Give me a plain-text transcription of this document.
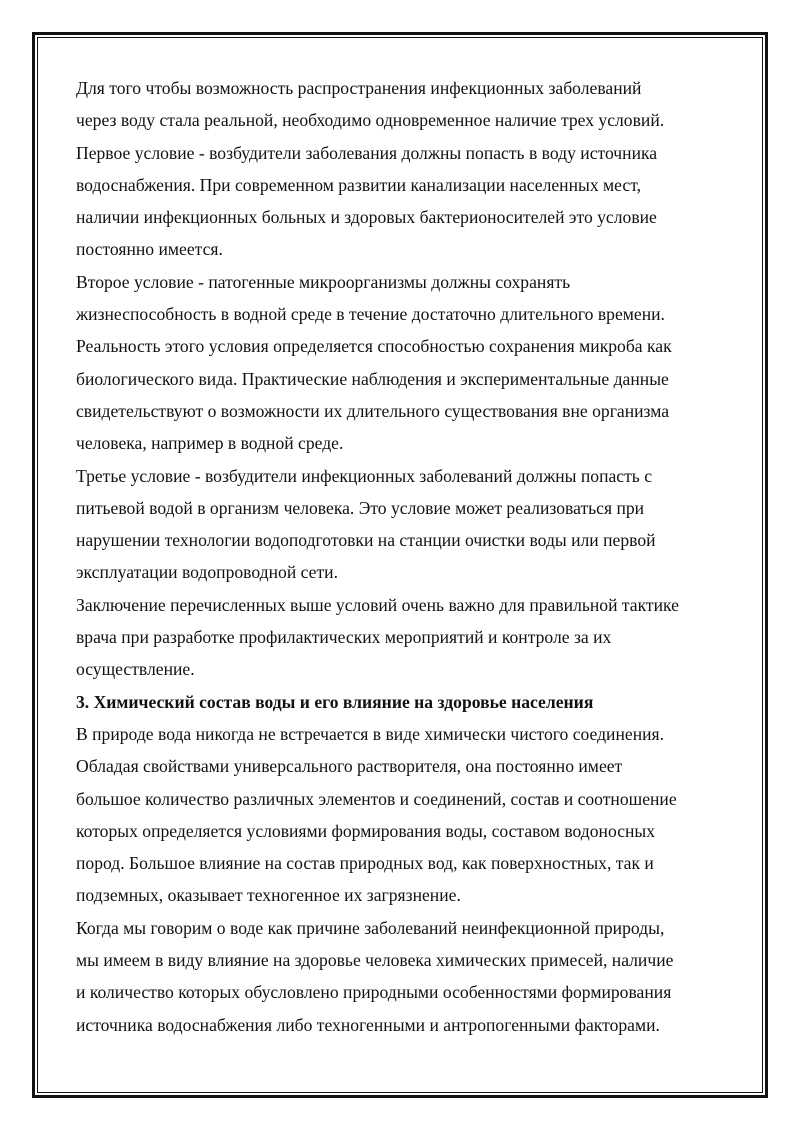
Для того чтобы возможность распространения инфекционных заболеваний

через воду стала реальной, необходимо одновременное наличие трех условий.

Первое условие - возбудители заболевания должны попасть в воду источника

водоснабжения. При современном развитии канализации населенных мест,

наличии инфекционных больных и здоровых бактерионосителей это условие

постоянно имеется.

Второе условие - патогенные микроорганизмы должны сохранять

жизнеспособность в водной среде в течение достаточно длительного времени.

Реальность этого условия определяется способностью сохранения микроба как

биологического вида. Практические наблюдения и экспериментальные данные

свидетельствуют о возможности их длительного существования вне организма

человека, например в водной среде.

Третье условие - возбудители инфекционных заболеваний должны попасть с

питьевой водой в организм человека. Это условие может реализоваться при

нарушении технологии водоподготовки на станции очистки воды или первой

эксплуатации водопроводной сети.

Заключение перечисленных выше условий очень важно для правильной тактике

врача при разработке профилактических мероприятий и контроле за их

осуществление.

3. Химический состав воды и его влияние на здоровье населения

В природе вода никогда не встречается в виде химически чистого соединения.

Обладая свойствами универсального растворителя, она постоянно имеет

большое количество различных элементов и соединений, состав и соотношение

которых определяется условиями формирования воды, составом водоносных

пород. Большое влияние на состав природных вод, как поверхностных, так и

подземных, оказывает техногенное их загрязнение.

Когда мы говорим о воде как причине заболеваний неинфекционной природы,

мы имеем в виду влияние на здоровье человека химических примесей, наличие

и количество которых обусловлено природными особенностями формирования

источника водоснабжения либо техногенными и антропогенными факторами.
